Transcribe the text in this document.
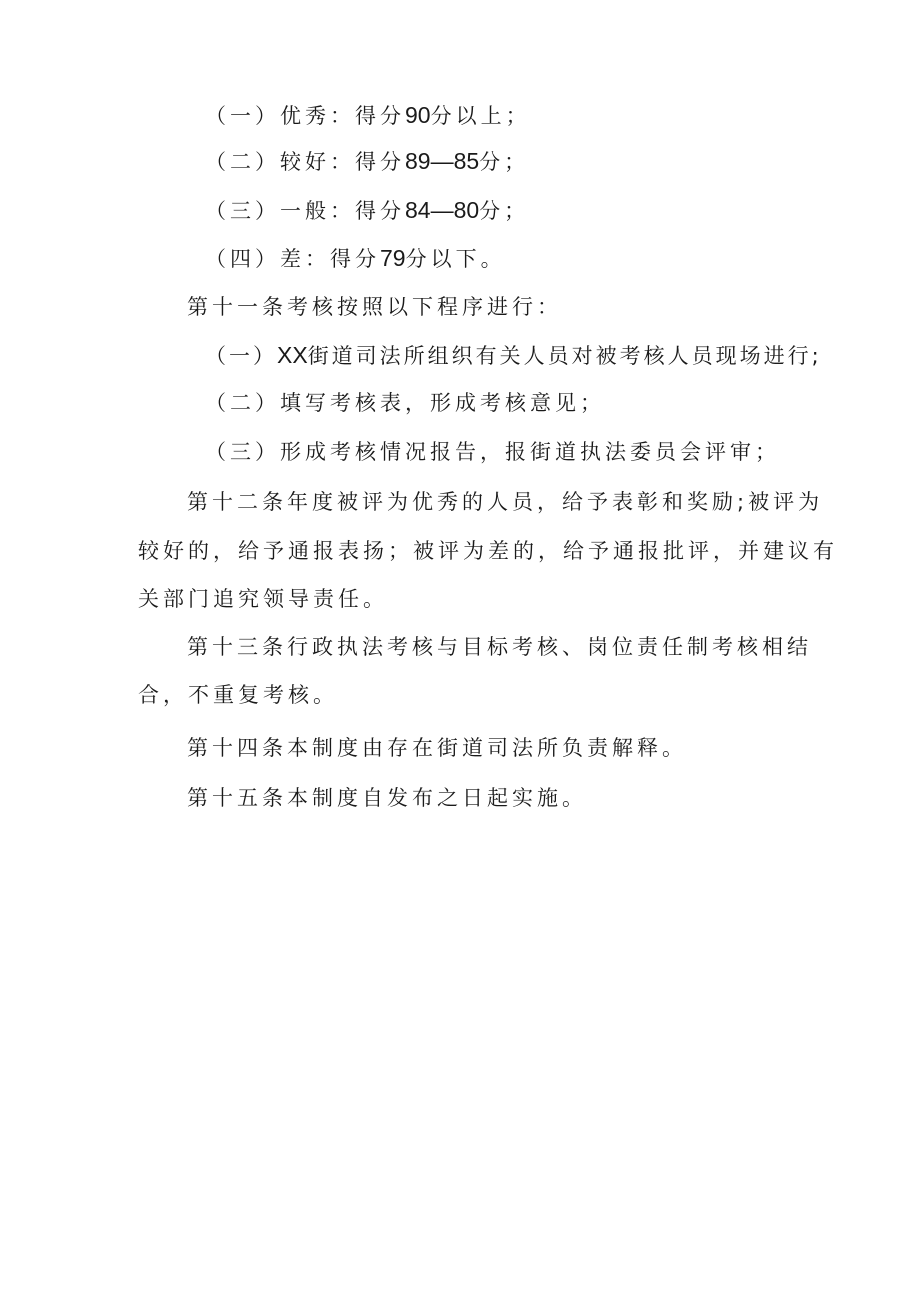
（一）优秀：得分90分以上；

（二）较好：得分89—85分；

（三）一般：得分84—80分；

（四）差：得分79分以下。

第十一条考核按照以下程序进行：

（一）XX街道司法所组织有关人员对被考核人员现场进行;

（二）填写考核表，形成考核意见；

（三）形成考核情况报告，报街道执法委员会评审；

第十二条年度被评为优秀的人员，给予表彰和奖励;被评为

较好的，给予通报表扬；被评为差的，给予通报批评，并建议有

关部门追究领导责任。

第十三条行政执法考核与目标考核、岗位责任制考核相结

合，不重复考核。

第十四条本制度由存在街道司法所负责解释。

第十五条本制度自发布之日起实施。
